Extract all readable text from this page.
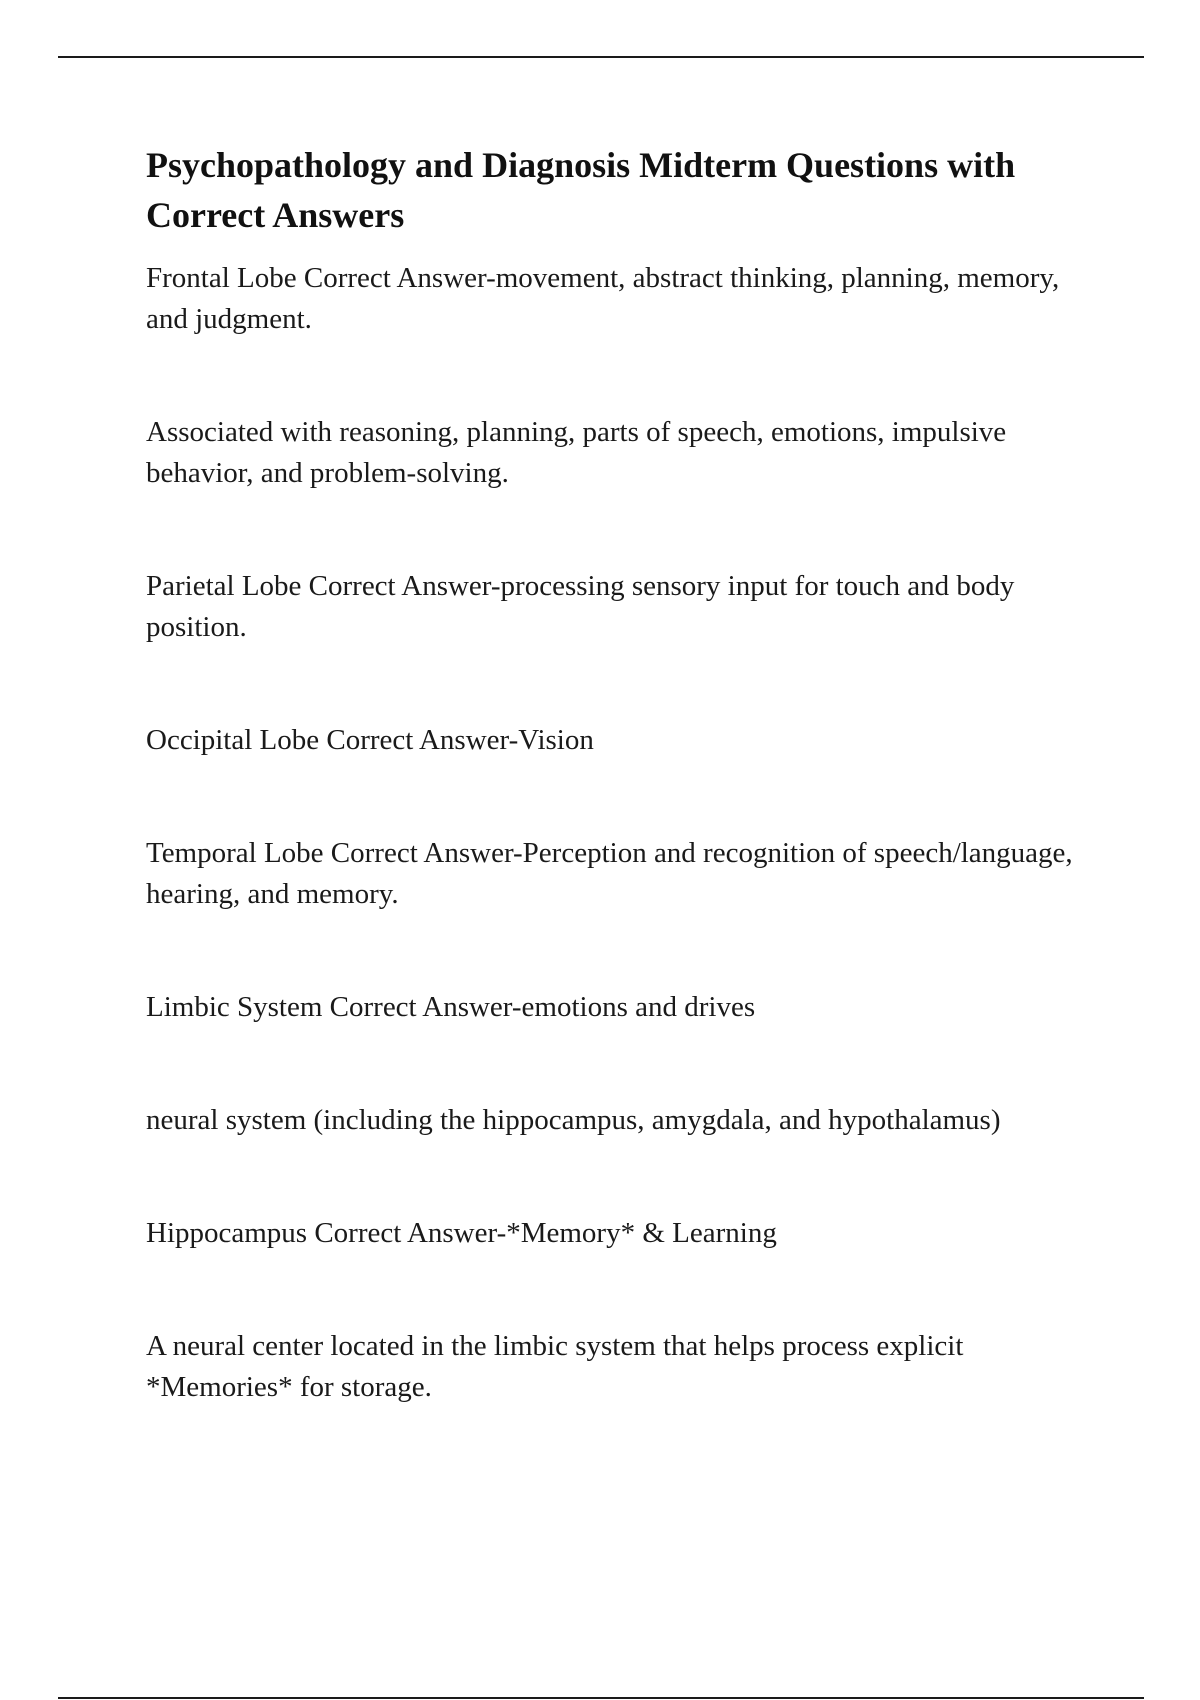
Psychopathology and Diagnosis Midterm Questions with Correct Answers

Frontal Lobe Correct Answer-movement, abstract thinking, planning, memory, and judgment.

Associated with reasoning, planning, parts of speech, emotions, impulsive behavior, and problem-solving.

Parietal Lobe Correct Answer-processing sensory input for touch and body position.

Occipital Lobe Correct Answer-Vision

Temporal Lobe Correct Answer-Perception and recognition of speech/language, hearing, and memory.

Limbic System Correct Answer-emotions and drives

neural system (including the hippocampus, amygdala, and hypothalamus)

Hippocampus Correct Answer-*Memory* & Learning

A neural center located in the limbic system that helps process explicit *Memories* for storage.
